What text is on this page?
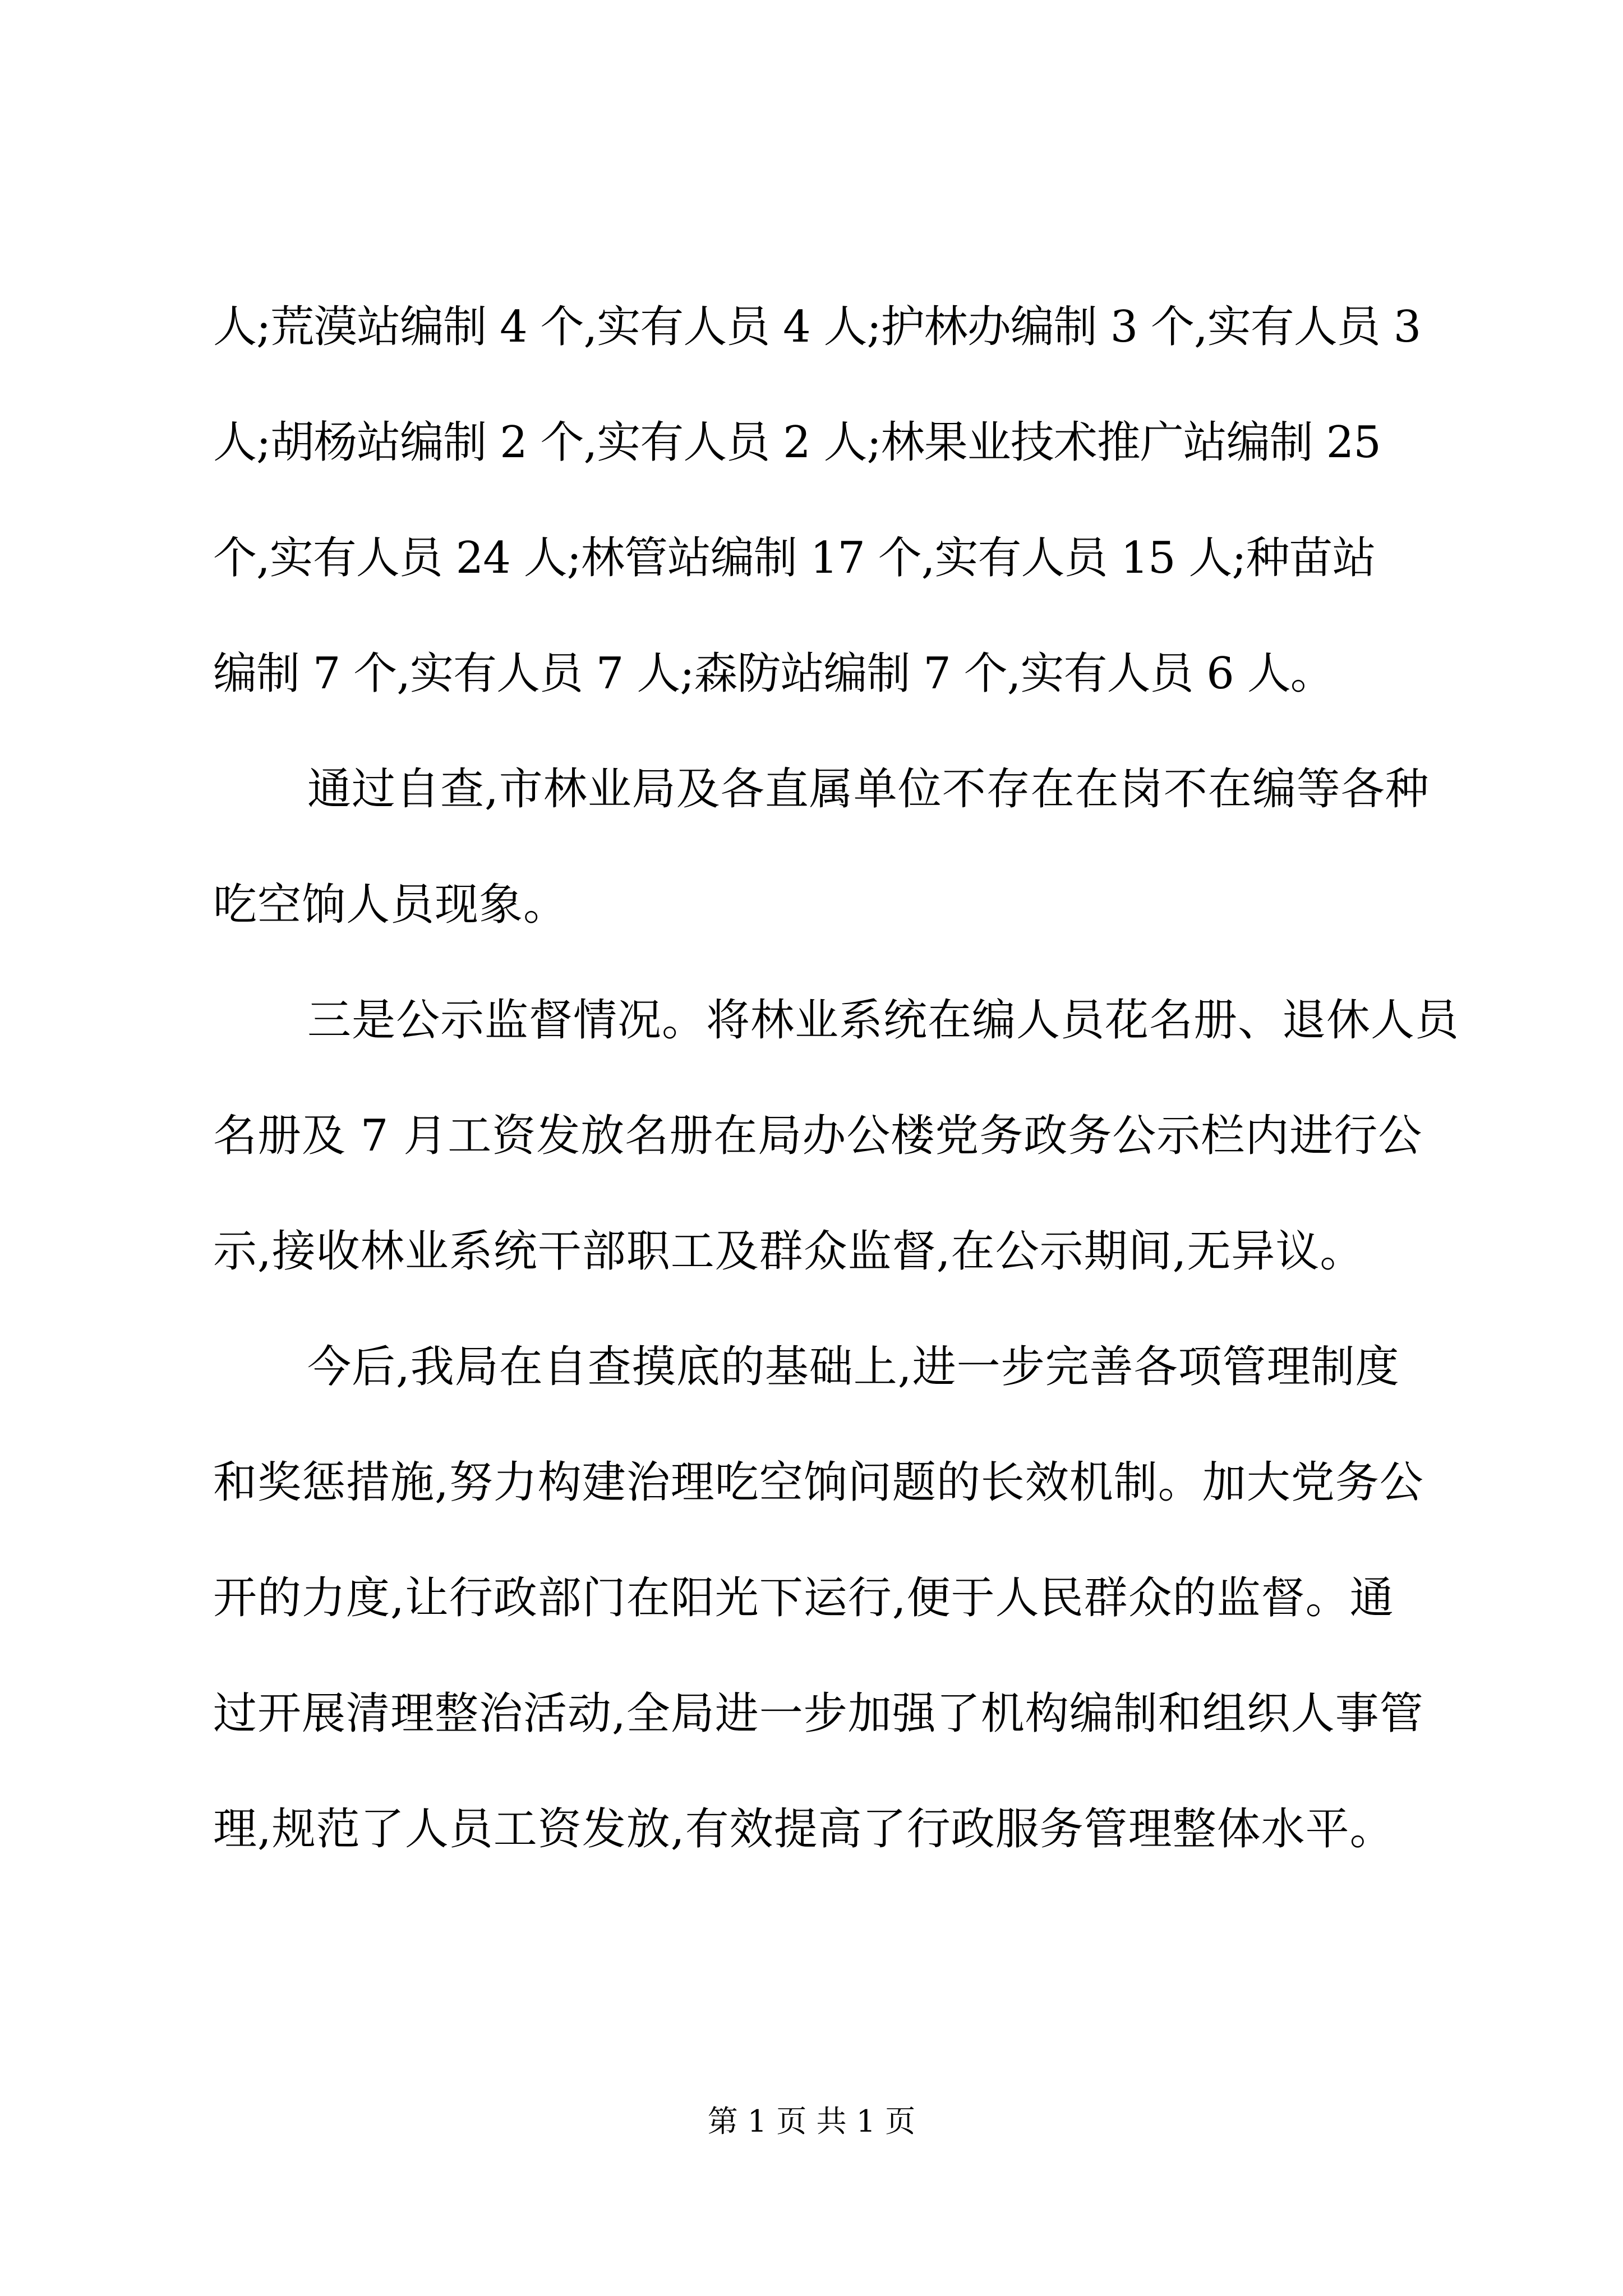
人;荒漠站编制 4 个,实有人员 4 人;护林办编制 3 个,实有人员 3
人;胡杨站编制 2 个,实有人员 2 人;林果业技术推广站编制 25
个,实有人员 24 人;林管站编制 17 个,实有人员 15 人;种苗站
编制 7 个,实有人员 7 人;森防站编制 7 个,实有人员 6 人。
通过自查,市林业局及各直属单位不存在在岗不在编等各种
吃空饷人员现象。
三是公示监督情况。将林业系统在编人员花名册、退休人员
名册及 7 月工资发放名册在局办公楼党务政务公示栏内进行公
示,接收林业系统干部职工及群众监督,在公示期间,无异议。
今后,我局在自查摸底的基础上,进一步完善各项管理制度
和奖惩措施,努力构建治理吃空饷问题的长效机制。加大党务公
开的力度,让行政部门在阳光下运行,便于人民群众的监督。通
过开展清理整治活动,全局进一步加强了机构编制和组织人事管
理,规范了人员工资发放,有效提高了行政服务管理整体水平。
第 1 页 共 1 页
